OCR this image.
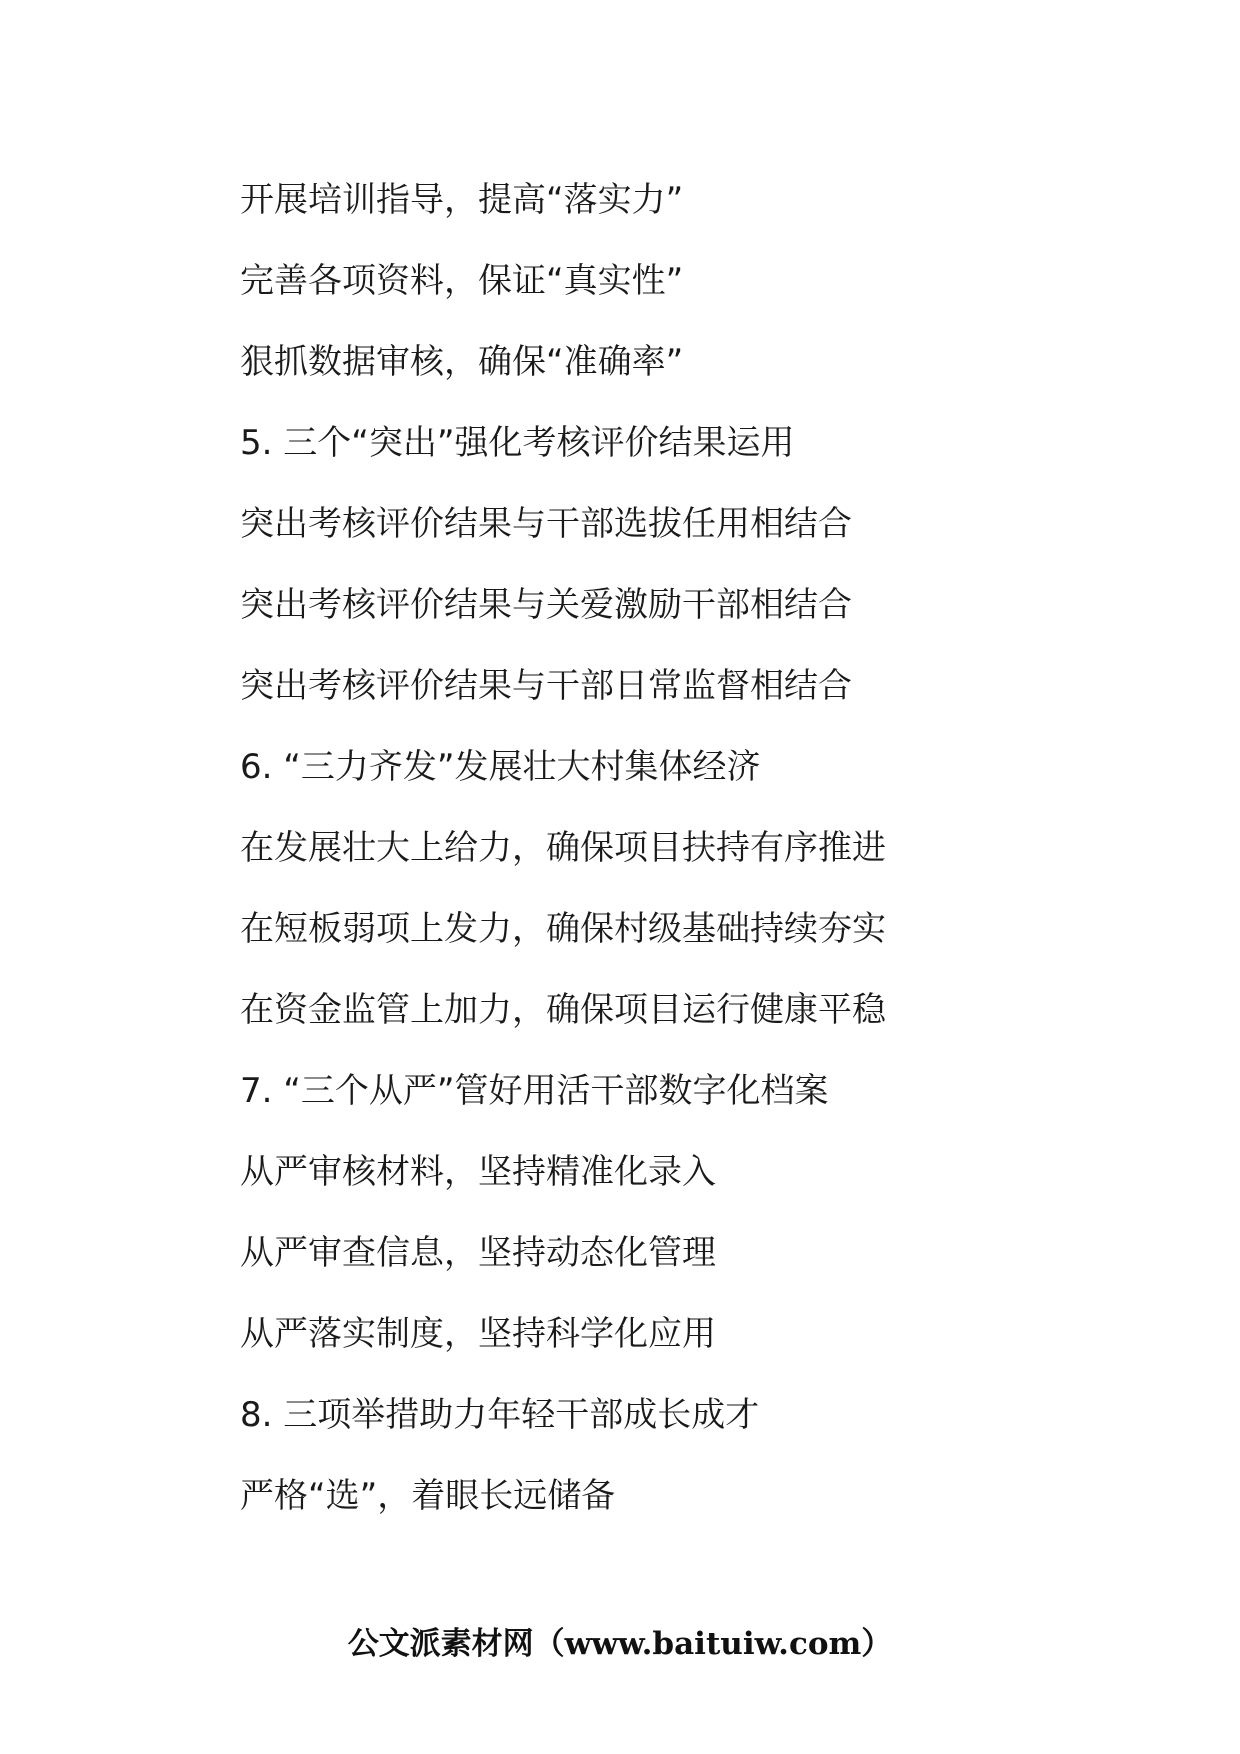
开展培训指导，提高“落实力”
完善各项资料，保证“真实性”
狠抓数据审核，确保“准确率”
5. 三个“突出”强化考核评价结果运用
突出考核评价结果与干部选拔任用相结合
突出考核评价结果与关爱激励干部相结合
突出考核评价结果与干部日常监督相结合
6. “三力齐发”发展壮大村集体经济
在发展壮大上给力，确保项目扶持有序推进
在短板弱项上发力，确保村级基础持续夯实
在资金监管上加力，确保项目运行健康平稳
7. “三个从严”管好用活干部数字化档案
从严审核材料，坚持精准化录入
从严审查信息，坚持动态化管理
从严落实制度，坚持科学化应用
8. 三项举措助力年轻干部成长成才
严格“选”，着眼长远储备
公文派素材网（www.baituiw.com）
